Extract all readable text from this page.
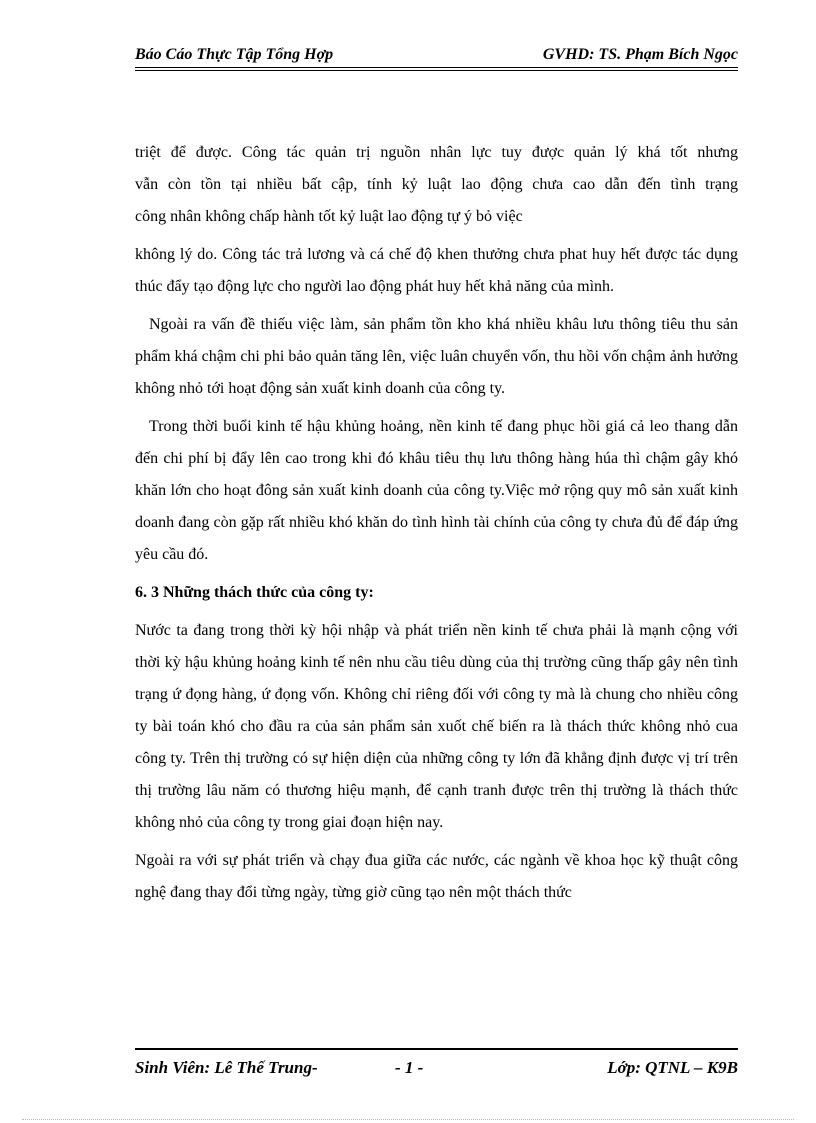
Báo Cáo Thực Tập Tổng Hợp	GVHD: TS. Phạm Bích Ngọc

triệt để được. Công tác quản trị nguồn nhân lực tuy được quản lý khá tốt nhưng

vẫn còn tồn tại nhiều bất cập, tính kỷ luật lao động chưa cao dẫn đến tình trạng

công nhân không chấp hành tốt kỷ luật lao động tự ý bỏ việc

không lý do. Công tác trả lương và cá chế độ khen thưởng chưa phat huy hết được tác dụng thúc đẩy tạo động lực cho người lao động phát huy hết khả năng của mình.

Ngoài ra vấn đề thiếu việc làm, sản phẩm tồn kho khá nhiều khâu lưu thông tiêu thu sản phẩm khá chậm chi phi bảo quản tăng lên, việc luân chuyển vốn, thu hồi vốn chậm ảnh hưởng không nhỏ tới hoạt động sản xuất kinh doanh của công ty.

Trong thời buổi kinh tế hậu khủng hoảng, nền kinh tế đang phục hồi giá cả leo thang dẫn đến chi phí bị đẩy lên cao trong khi đó khâu tiêu thụ lưu thông hàng húa thì chậm gây khó khăn lớn cho hoạt đông sản xuất kinh doanh của công ty.Việc mở rộng quy mô sản xuất kinh doanh đang còn gặp rất nhiều khó khăn do tình hình tài chính của công ty chưa đủ để đáp ứng yêu cầu đó.

6. 3 Những thách thức của công ty:

Nước ta đang trong thời kỳ hội nhập và phát triển nền kinh tế chưa phải là mạnh cộng với thời kỳ hậu khủng hoảng kinh tế nên nhu cầu tiêu dùng của thị trường cũng thấp gây nên tình trạng ứ đọng hàng, ứ đọng vốn. Không chỉ riêng đối với công ty mà là chung cho nhiều công ty bài toán khó cho đầu ra của sản phẩm sản xuốt chế biến ra là thách thức không nhỏ cua công ty. Trên thị trường có sự hiện diện của những công ty lớn đã khẳng định được vị trí trên thị trường lâu năm có thương hiệu mạnh, để cạnh tranh được trên thị trường là thách thức không nhỏ của công ty trong giai đoạn hiện nay.

Ngoài ra với sự phát triển và chạy đua giữa các nước, các ngành về khoa học kỹ thuật công nghệ đang thay đổi từng ngày, từng giờ cũng tạo nên một thách thức

Sinh Viên: Lê Thế Trung-	- 1 -	Lớp: QTNL – K9B
